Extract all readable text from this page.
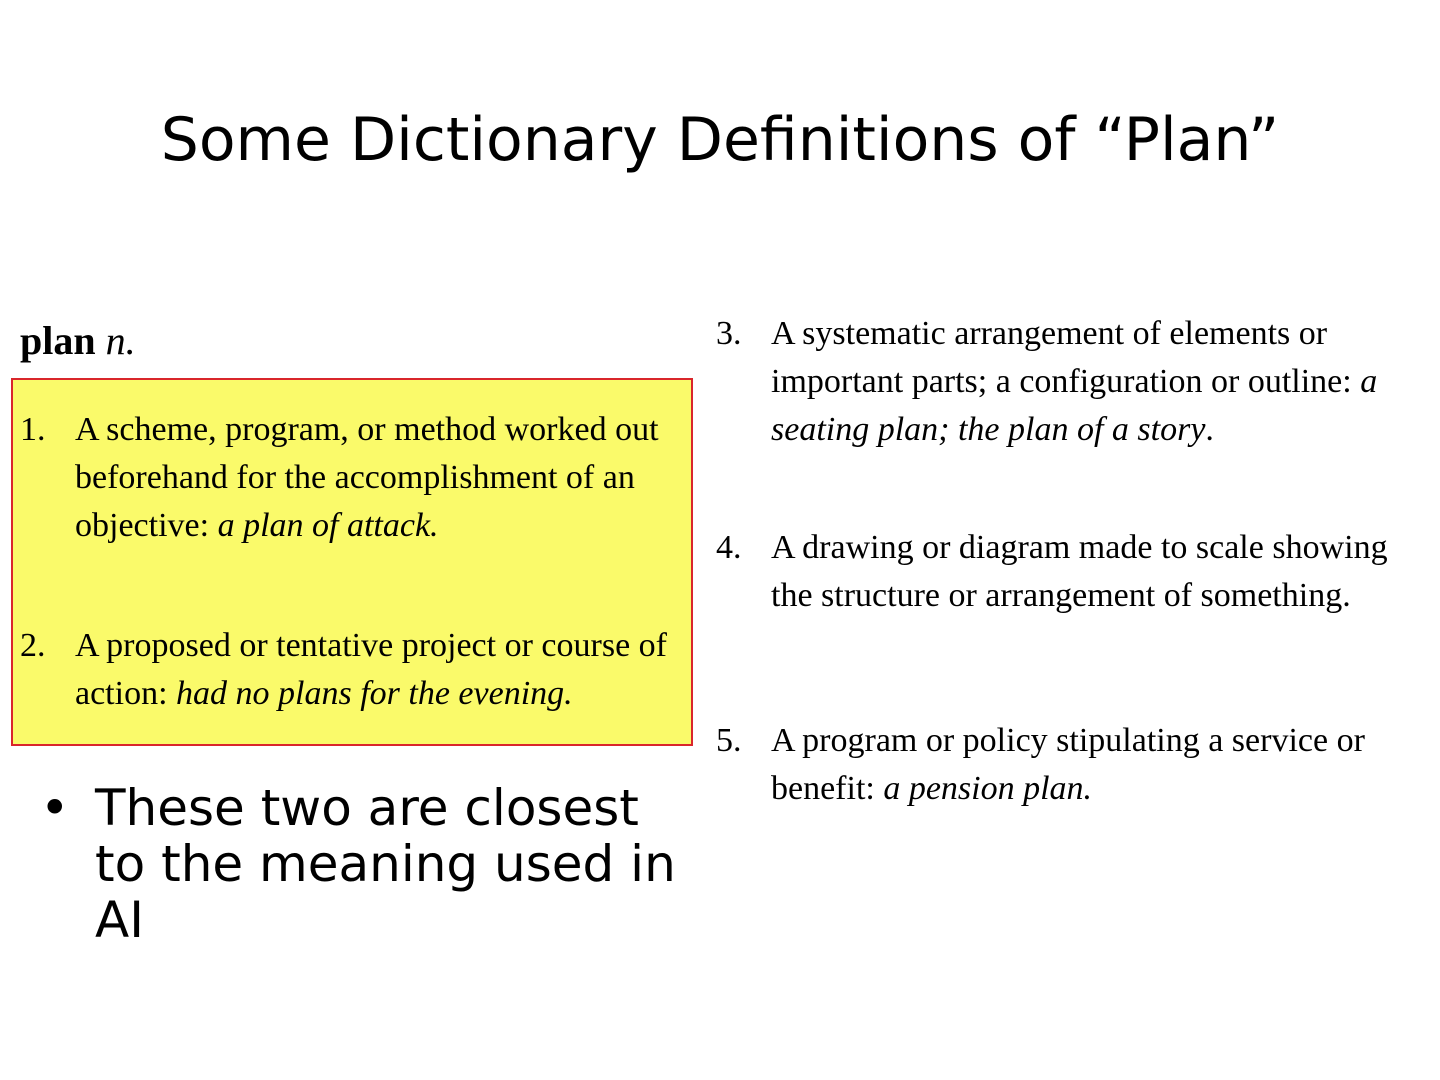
Some Dictionary Definitions of “Plan”
plan n.
1. A scheme, program, or method worked out beforehand for the accomplishment of an objective: a plan of attack.
2. A proposed or tentative project or course of action: had no plans for the evening.
3. A systematic arrangement of elements or important parts; a configuration or outline: a seating plan; the plan of a story.
4. A drawing or diagram made to scale showing the structure or arrangement of something.
5. A program or policy stipulating a service or benefit: a pension plan.
• These two are closest to the meaning used in AI
